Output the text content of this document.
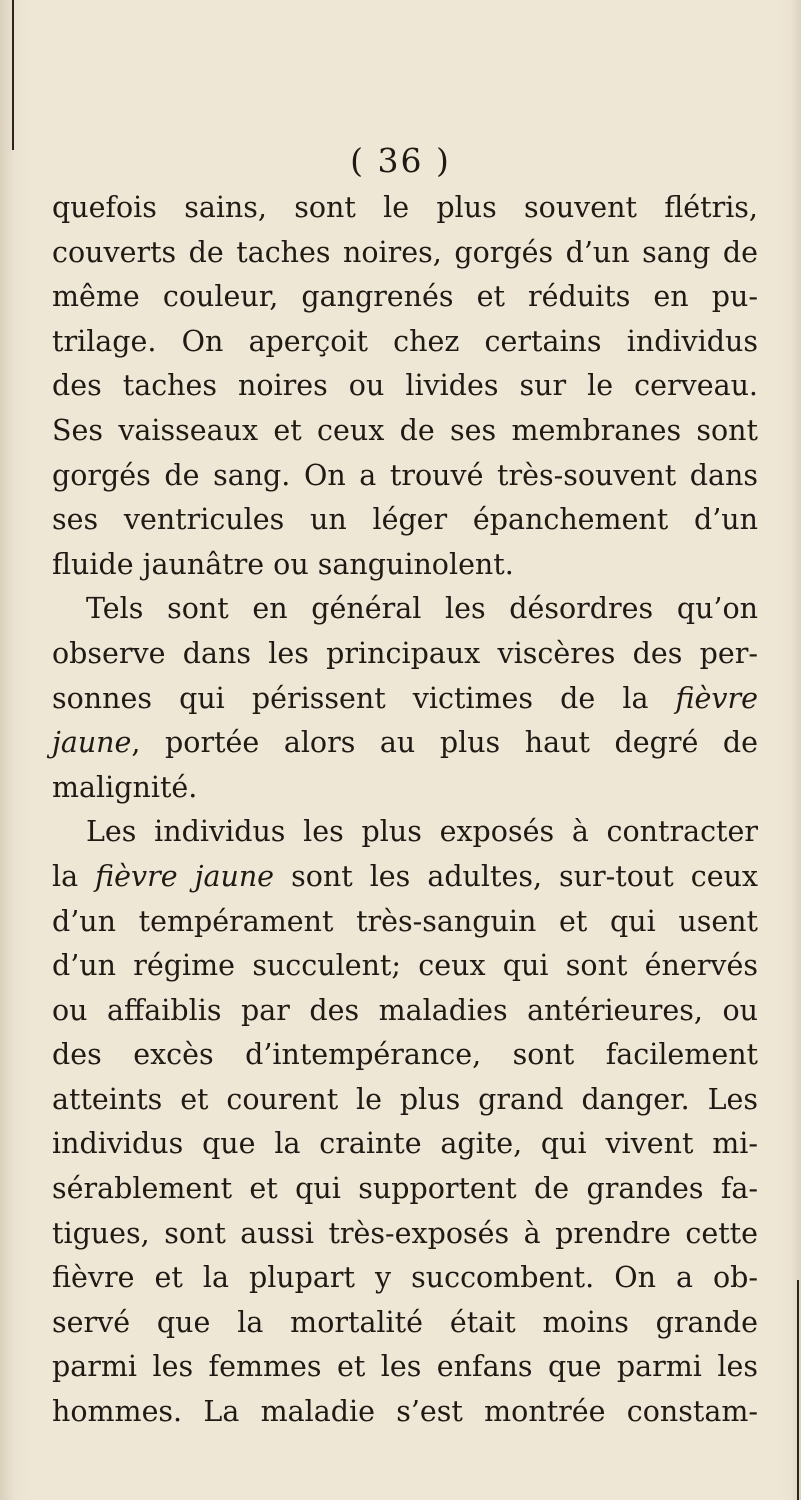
( 36 )
quefois sains, sont le plus souvent flétris,
couverts de taches noires, gorgés d’un sang de
même couleur, gangrenés et réduits en pu-
trilage. On aperçoit chez certains individus
des taches noires ou livides sur le cerveau.
Ses vaisseaux et ceux de ses membranes sont
gorgés de sang. On a trouvé très-souvent dans
ses ventricules un léger épanchement d’un
fluide jaunâtre ou sanguinolent.
Tels sont en général les désordres qu’on
observe dans les principaux viscères des per-
sonnes qui périssent victimes de la fièvre
jaune, portée alors au plus haut degré de
malignité.
Les individus les plus exposés à contracter
la fièvre jaune sont les adultes, sur-tout ceux
d’un tempérament très-sanguin et qui usent
d’un régime succulent; ceux qui sont énervés
ou affaiblis par des maladies antérieures, ou
des excès d’intempérance, sont facilement
atteints et courent le plus grand danger. Les
individus que la crainte agite, qui vivent mi-
sérablement et qui supportent de grandes fa-
tigues, sont aussi très-exposés à prendre cette
fièvre et la plupart y succombent. On a ob-
servé que la mortalité était moins grande
parmi les femmes et les enfans que parmi les
hommes. La maladie s’est montrée constam-
